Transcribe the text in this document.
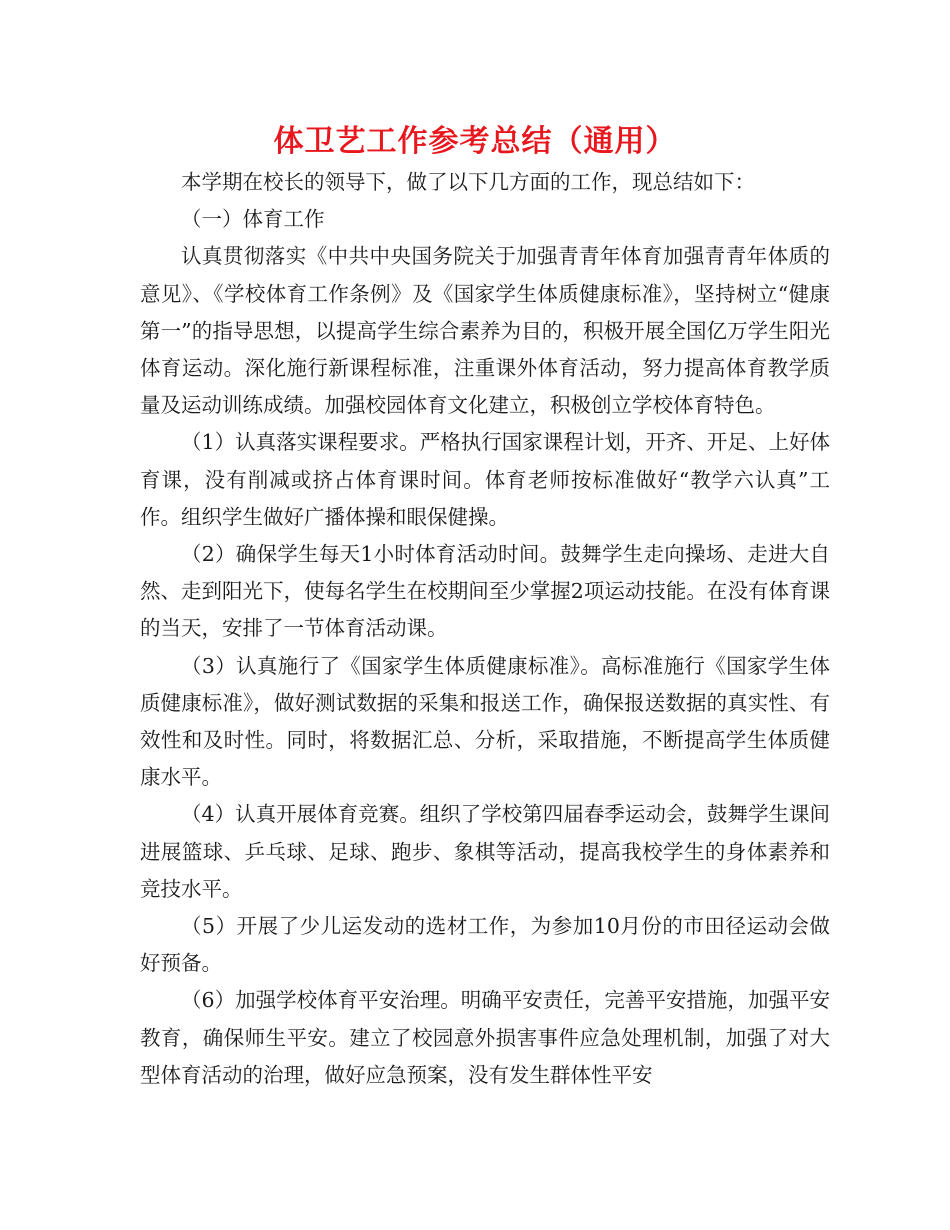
体卫艺工作参考总结（通用）

本学期在校长的领导下，做了以下几方面的工作，现总结如下：

（一）体育工作

认真贯彻落实《中共中央国务院关于加强青青年体育加强青青年体质的意见》、《学校体育工作条例》及《国家学生体质健康标准》，坚持树立“健康第一”的指导思想，以提高学生综合素养为目的，积极开展全国亿万学生阳光体育运动。深化施行新课程标准，注重课外体育活动，努力提高体育教学质量及运动训练成绩。加强校园体育文化建立，积极创立学校体育特色。

（1）认真落实课程要求。严格执行国家课程计划，开齐、开足、上好体育课，没有削减或挤占体育课时间。体育老师按标准做好“教学六认真”工作。组织学生做好广播体操和眼保健操。

（2）确保学生每天1小时体育活动时间。鼓舞学生走向操场、走进大自然、走到阳光下，使每名学生在校期间至少掌握2项运动技能。在没有体育课的当天，安排了一节体育活动课。

（3）认真施行了《国家学生体质健康标准》。高标准施行《国家学生体质健康标准》，做好测试数据的采集和报送工作，确保报送数据的真实性、有效性和及时性。同时，将数据汇总、分析，采取措施，不断提高学生体质健康水平。

（4）认真开展体育竞赛。组织了学校第四届春季运动会，鼓舞学生课间进展篮球、乒乓球、足球、跑步、象棋等活动，提高我校学生的身体素养和竞技水平。

（5）开展了少儿运发动的选材工作，为参加10月份的市田径运动会做好预备。

（6）加强学校体育平安治理。明确平安责任，完善平安措施，加强平安教育，确保师生平安。建立了校园意外损害事件应急处理机制，加强了对大型体育活动的治理，做好应急预案，没有发生群体性平安
